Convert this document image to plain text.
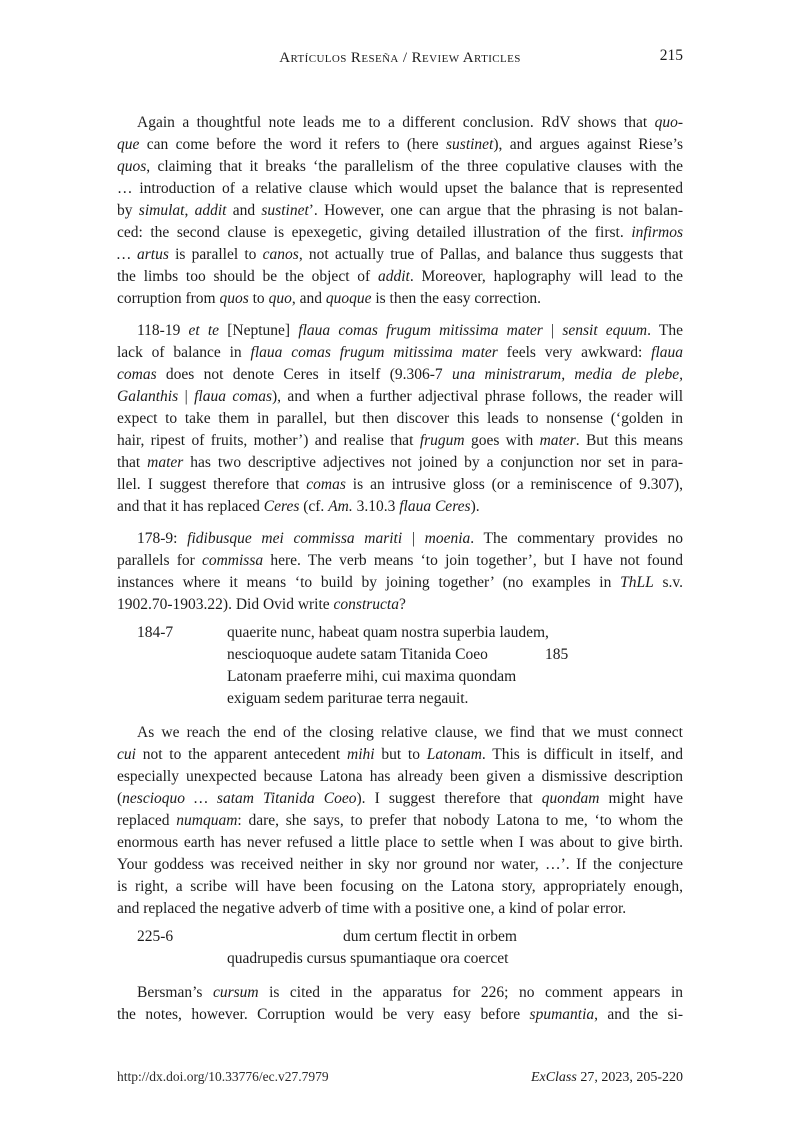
Artículos Reseña / Review Articles	215
Again a thoughtful note leads me to a different conclusion. RdV shows that quo-
que can come before the word it refers to (here sustinet), and argues against Riese’s
quos, claiming that it breaks ‘the parallelism of the three copulative clauses with the
… introduction of a relative clause which would upset the balance that is represented
by simulat, addit and sustinet’. However, one can argue that the phrasing is not balan-
ced: the second clause is epexegetic, giving detailed illustration of the first. infirmos
… artus is parallel to canos, not actually true of Pallas, and balance thus suggests that
the limbs too should be the object of addit. Moreover, haplography will lead to the
corruption from quos to quo, and quoque is then the easy correction.
118-19 et te [Neptune] flaua comas frugum mitissima mater | sensit equum. The
lack of balance in flaua comas frugum mitissima mater feels very awkward: flaua
comas does not denote Ceres in itself (9.306-7 una ministrarum, media de plebe,
Galanthis | flaua comas), and when a further adjectival phrase follows, the reader will
expect to take them in parallel, but then discover this leads to nonsense (‘golden in
hair, ripest of fruits, mother’) and realise that frugum goes with mater. But this means
that mater has two descriptive adjectives not joined by a conjunction nor set in para-
llel. I suggest therefore that comas is an intrusive gloss (or a reminiscence of 9.307),
and that it has replaced Ceres (cf. Am. 3.10.3 flaua Ceres).
178-9: fidibusque mei commissa mariti | moenia. The commentary provides no
parallels for commissa here. The verb means ‘to join together’, but I have not found
instances where it means ‘to build by joining together’ (no examples in ThLL s.v.
1902.70-1903.22). Did Ovid write constructa?
184-7	quaerite nunc, habeat quam nostra superbia laudem,
nescioquoque audete satam Titanida Coeo	185
Latonam praeferre mihi, cui maxima quondam
exiguam sedem pariturae terra negauit.
As we reach the end of the closing relative clause, we find that we must connect
cui not to the apparent antecedent mihi but to Latonam. This is difficult in itself, and
especially unexpected because Latona has already been given a dismissive description
(nescioquo … satam Titanida Coeo). I suggest therefore that quondam might have
replaced numquam: dare, she says, to prefer that nobody Latona to me, ‘to whom the
enormous earth has never refused a little place to settle when I was about to give birth.
Your goddess was received neither in sky nor ground nor water, …’. If the conjecture
is right, a scribe will have been focusing on the Latona story, appropriately enough,
and replaced the negative adverb of time with a positive one, a kind of polar error.
225-6	dum certum flectit in orbem
quadrupedis cursus spumantiaque ora coercet
Bersman’s cursum is cited in the apparatus for 226; no comment appears in
the notes, however. Corruption would be very easy before spumantia, and the si-
http://dx.doi.org/10.33776/ec.v27.7979	ExClass 27, 2023, 205-220
